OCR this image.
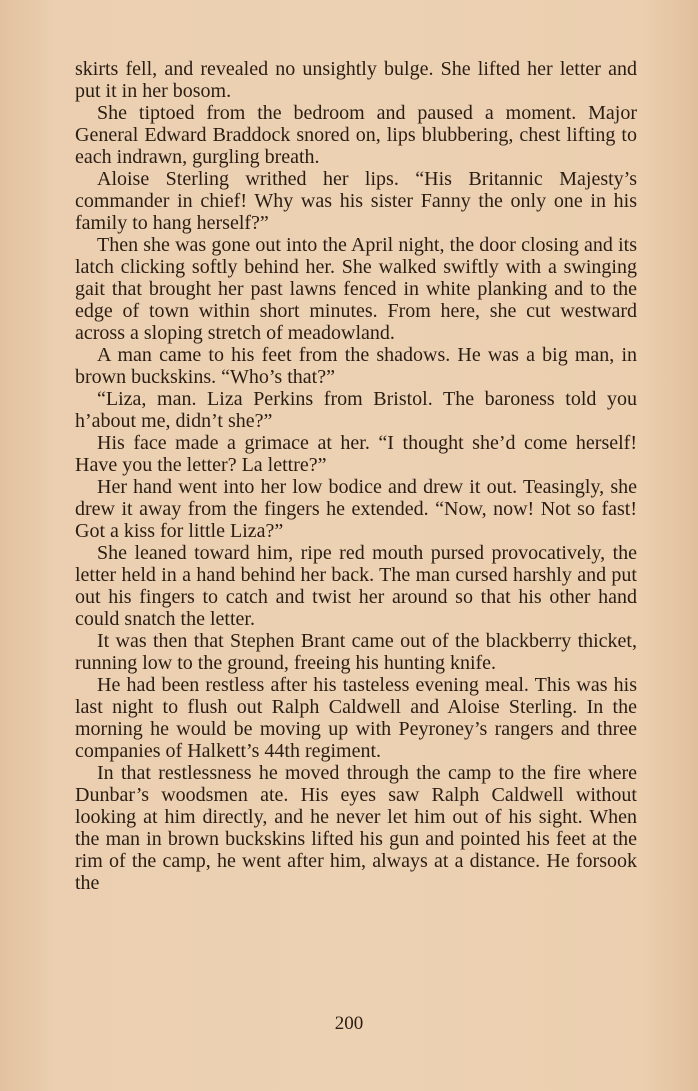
skirts fell, and revealed no unsightly bulge. She lifted her letter and put it in her bosom.

She tiptoed from the bedroom and paused a moment. Major General Edward Braddock snored on, lips blubbering, chest lifting to each indrawn, gurgling breath.

Aloise Sterling writhed her lips. “His Britannic Majesty’s commander in chief! Why was his sister Fanny the only one in his family to hang herself?”

Then she was gone out into the April night, the door closing and its latch clicking softly behind her. She walked swiftly with a swinging gait that brought her past lawns fenced in white planking and to the edge of town within short minutes. From here, she cut westward across a sloping stretch of meadowland.

A man came to his feet from the shadows. He was a big man, in brown buckskins. “Who’s that?”

“Liza, man. Liza Perkins from Bristol. The baroness told you h’about me, didn’t she?”

His face made a grimace at her. “I thought she’d come herself! Have you the letter? La lettre?”

Her hand went into her low bodice and drew it out. Teasingly, she drew it away from the fingers he extended. “Now, now! Not so fast! Got a kiss for little Liza?”

She leaned toward him, ripe red mouth pursed provocatively, the letter held in a hand behind her back. The man cursed harshly and put out his fingers to catch and twist her around so that his other hand could snatch the letter.

It was then that Stephen Brant came out of the blackberry thicket, running low to the ground, freeing his hunting knife.

He had been restless after his tasteless evening meal. This was his last night to flush out Ralph Caldwell and Aloise Sterling. In the morning he would be moving up with Peyroney’s rangers and three companies of Halkett’s 44th regiment.

In that restlessness he moved through the camp to the fire where Dunbar’s woodsmen ate. His eyes saw Ralph Caldwell without looking at him directly, and he never let him out of his sight. When the man in brown buckskins lifted his gun and pointed his feet at the rim of the camp, he went after him, always at a distance. He forsook the

200
